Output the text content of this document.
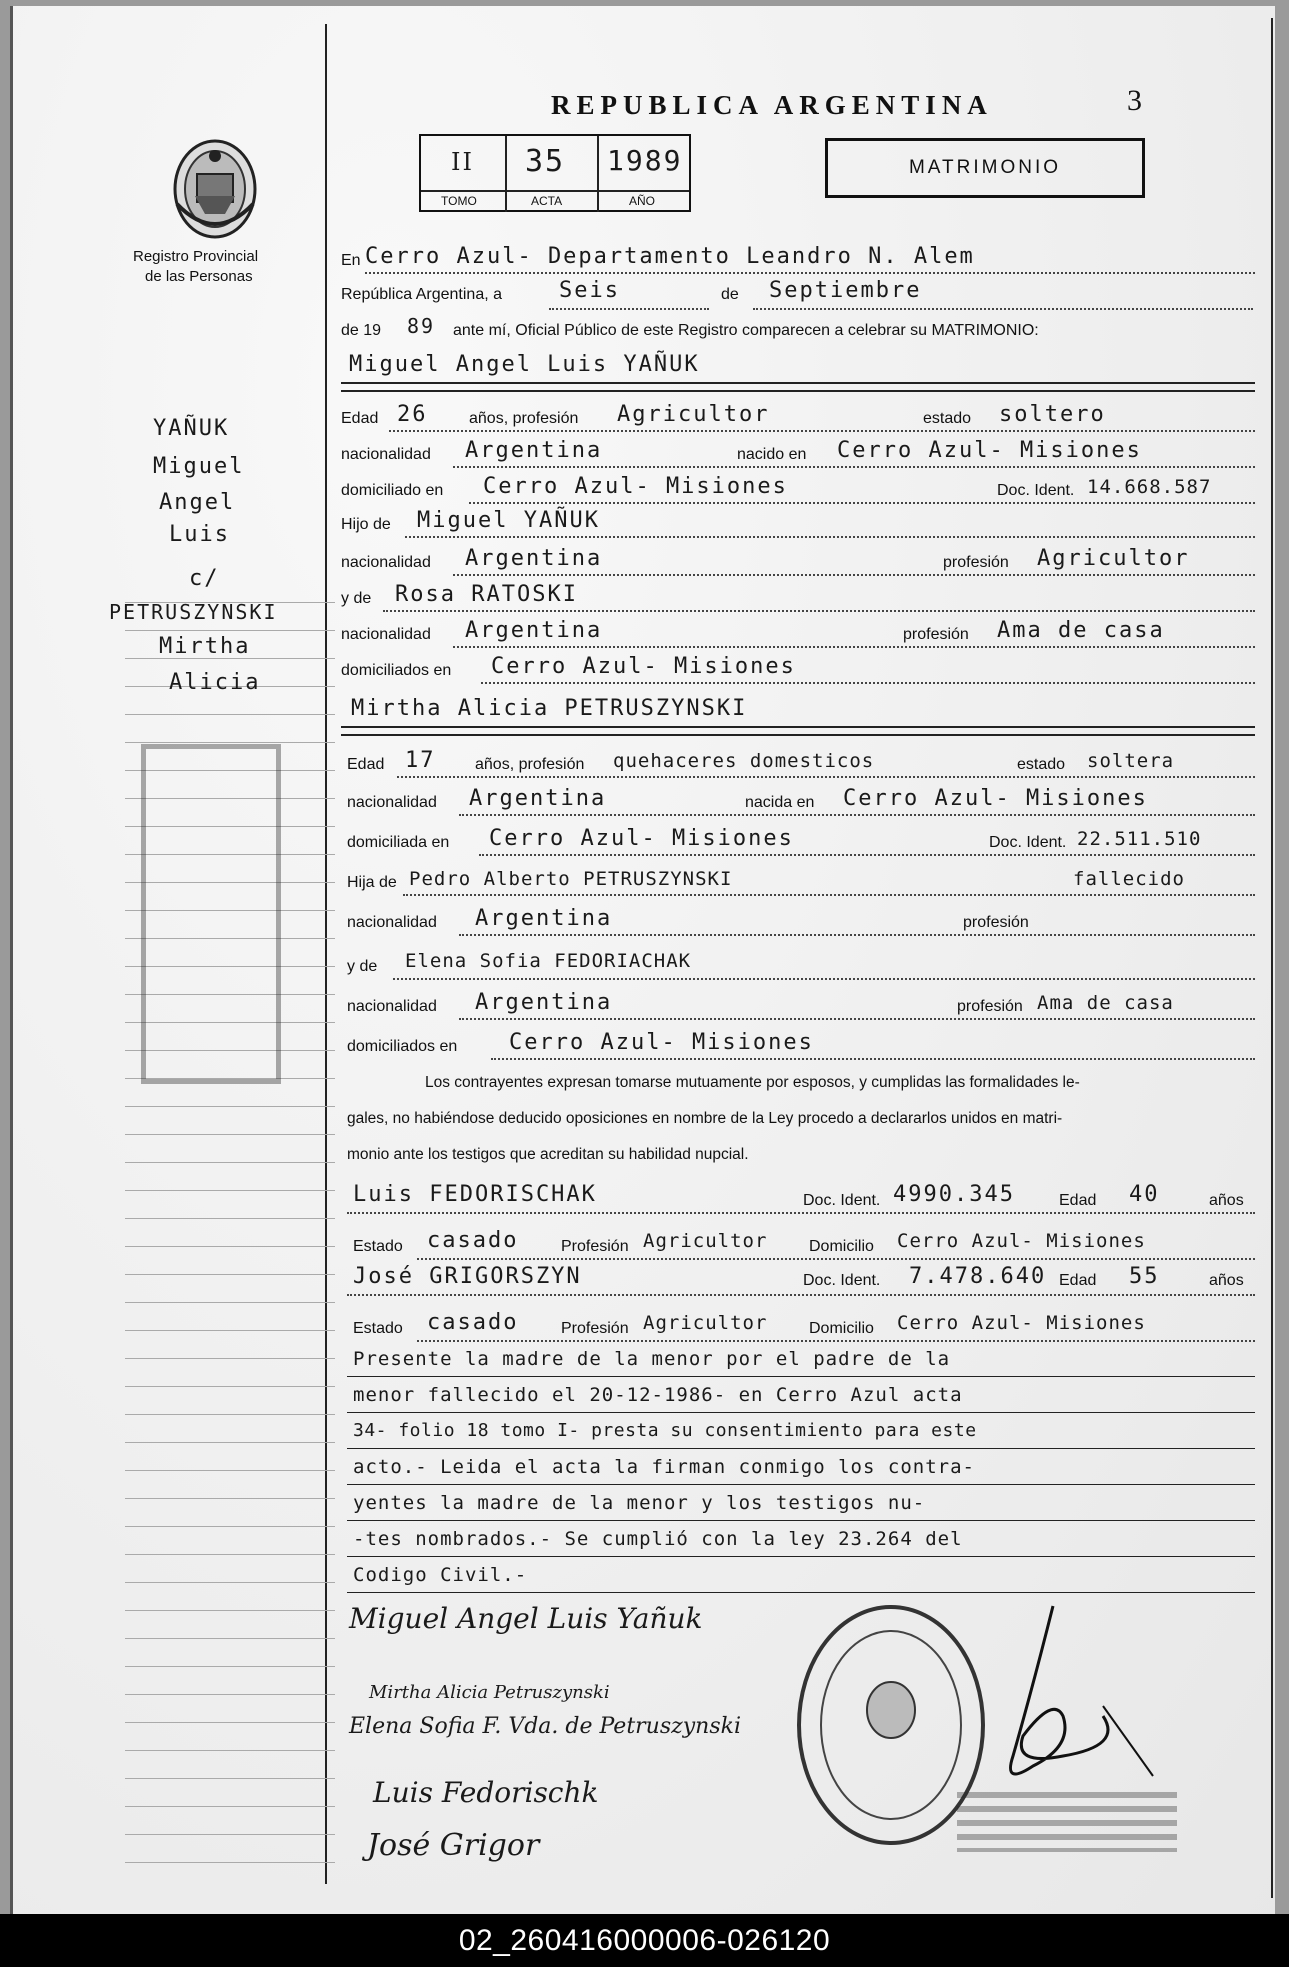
Registro Provincial
de las Personas
REPUBLICA ARGENTINA	3
II 35 1989
TOMO	ACTA	AÑO
MATRIMONIO
YAÑUK
Miguel
Angel
Luis
c/
PETRUSZYNSKI
Mirtha
Alicia
En Cerro Azul- Departamento Leandro N. Alem
República Argentina, a	Seis	de Septiembre
de 19 89 ante mí, Oficial Público de este Registro comparecen a celebrar su MATRIMONIO:
Miguel Angel Luis YAÑUK
Edad 26	años, profesión Agricultor	estado soltero
nacionalidad Argentina	nacido en Cerro Azul- Misiones
domiciliado en Cerro Azul- Misiones	Doc. Ident. 14.668.587
Hijo de Miguel YAÑUK
nacionalidad Argentina	profesión Agricultor
y de Rosa RATOSKI
nacionalidad Argentina	profesión Ama de casa
domiciliados en Cerro Azul- Misiones
Mirtha Alicia PETRUSZYNSKI
Edad 17 años, profesión quehaceres domesticos	estado soltera
nacionalidad Argentina	nacida en Cerro Azul- Misiones
domiciliada en Cerro Azul- Misiones	Doc. Ident. 22.511.510
Hija de Pedro Alberto PETRUSZYNSKI	fallecido
nacionalidad Argentina	profesión
y de Elena Sofia FEDORIACHAK
nacionalidad Argentina	profesión Ama de casa
domiciliados en Cerro Azul- Misiones
Los contrayentes expresan tomarse mutuamente por esposos, y cumplidas las formalidades le-
gales, no habiéndose deducido oposiciones en nombre de la Ley procedo a declararlos unidos en matri-
monio ante los testigos que acreditan su habilidad nupcial.
Luis FEDORISCHAK	Doc. Ident. 4990.345	Edad 40	años
Estado casado	Profesión Agricultor	Domicilio Cerro Azul- Misiones
José GRIGORSZYN	Doc. Ident. 7.478.640 Edad 55	años
Estado casado	Profesión Agricultor	Domicilio Cerro Azul- Misiones
Presente la madre de la menor por el padre de la
menor fallecido el 20-12-1986- en Cerro Azul acta
34- folio 18 tomo I- presta su consentimiento para este
acto.- Leida el acta la firman conmigo los contra-
yentes la madre de la menor y los testigos nu-
-tes nombrados.- Se cumplió con la ley 23.264 del
Codigo Civil.-
Miguel Angel Luis Yañuk
Mirtha Alicia Petruszynski
Elena Sofia F. Vda. de Petruszynski
Luis Fedorischk
José Grigor
02_260416000006-026120
